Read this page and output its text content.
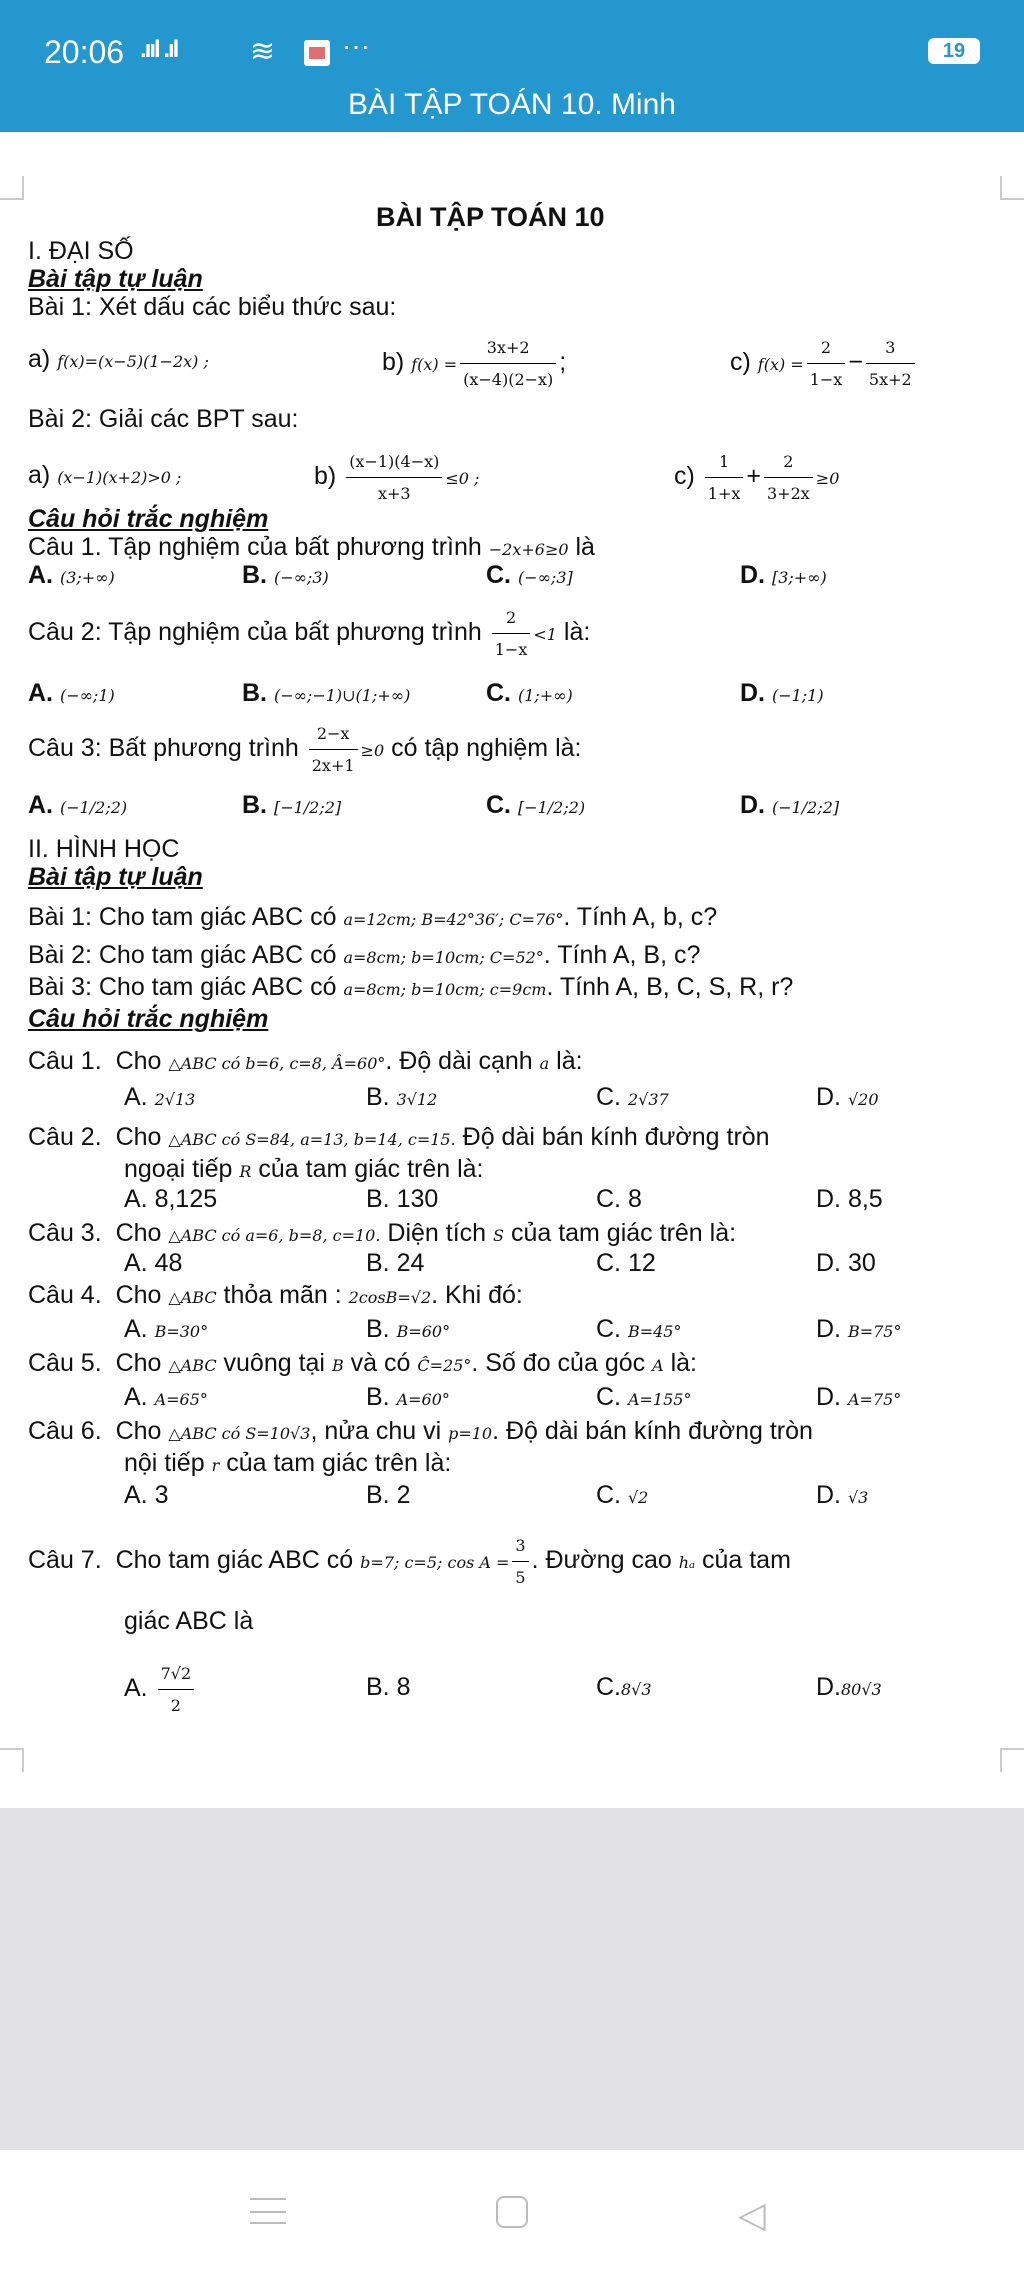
20:06 .ııl .ıl ≋ ···	19
BÀI TẬP TOÁN 10. Minh
BÀI TẬP TOÁN 10
I. ĐẠI SỐ
Bài tập tự luận
Bài 1: Xét dấu các biểu thức sau:
a) f(x)=(x−5)(1−2x) ;	b) $f(x) = \frac{3x+2}{(x-4)(2-x)}$ ;	c) $f(x) = \frac{2}{1-x} - \frac{3}{5x+2}$
Bài 2: Giải các BPT sau:
a) (x−1)(x+2)>0 ;	$b) \frac{(x-1)(4-x)}{x+3} \le 0$ ;	$c) \frac{1}{1+x} + \frac{2}{3+2x} \ge 0$
Câu hỏi trắc nghiệm
Câu 1. Tập nghiệm của bất phương trình −2x+6≥0 là
A. (3;+∞)	B. (−∞;3)	C. (−∞;3]	D. [3;+∞)
Câu 2: Tập nghiệm của bất phương trình $\frac{2}{1-x} <1$ là:
A. (−∞;1)	B. (−∞;−1)∪(1;+∞)	C. (1;+∞)	D. (−1;1)
Câu 3: Bất phương trình $\frac{2-x}{2x+1} \ge 0$ có tập nghiệm là:
A. (−1/2;2)	B. [−1/2;2]	C. [−1/2;2)	D. (−1/2;2]
II. HÌNH HỌC
Bài tập tự luận
Bài 1: Cho tam giác ABC có a=12cm; B=42°36′; C=76°. Tính A, b, c?
Bài 2: Cho tam giác ABC có a=8cm; b=10cm; C=52°. Tính A, B, c?
Bài 3: Cho tam giác ABC có a=8cm; b=10cm; c=9cm. Tính A, B, C, S, R, r?
Câu hỏi trắc nghiệm
Câu 1. Cho △ABC có b=6, c=8, Â=60°. Độ dài cạnh a là:
A. 2√13	B. 3√12	C. 2√37	D. √20
Câu 2. Cho △ABC có S=84, a=13, b=14, c=15. Độ dài bán kính đường tròn
ngoại tiếp R của tam giác trên là:
A. 8,125	B. 130	C. 8	D. 8,5
Câu 3. Cho △ABC có a=6, b=8, c=10. Diện tích S của tam giác trên là:
A. 48	B. 24	C. 12	D. 30
Câu 4. Cho △ABC thỏa mãn : 2cosB=√2. Khi đó:
A. B=30°	B. B=60°	C. B=45°	D. B=75°
Câu 5. Cho △ABC vuông tại B và có Ĉ=25°. Số đo của góc A là:
A. A=65°	B. A=60°	C. A=155°	D. A=75°
Câu 6. Cho △ABC có S=10√3, nửa chu vi p=10. Độ dài bán kính đường tròn
nội tiếp r của tam giác trên là:
A. 3	B. 2	C. √2	D. √3
Câu 7. Cho tam giác ABC có b=7; c=5; $\cos A = \frac{3}{5}$ . Đường cao hₐ của tam
giác ABC là
A. $\frac{7√2}{2}$	B. 8	C.8√3	D.80√3
◁
